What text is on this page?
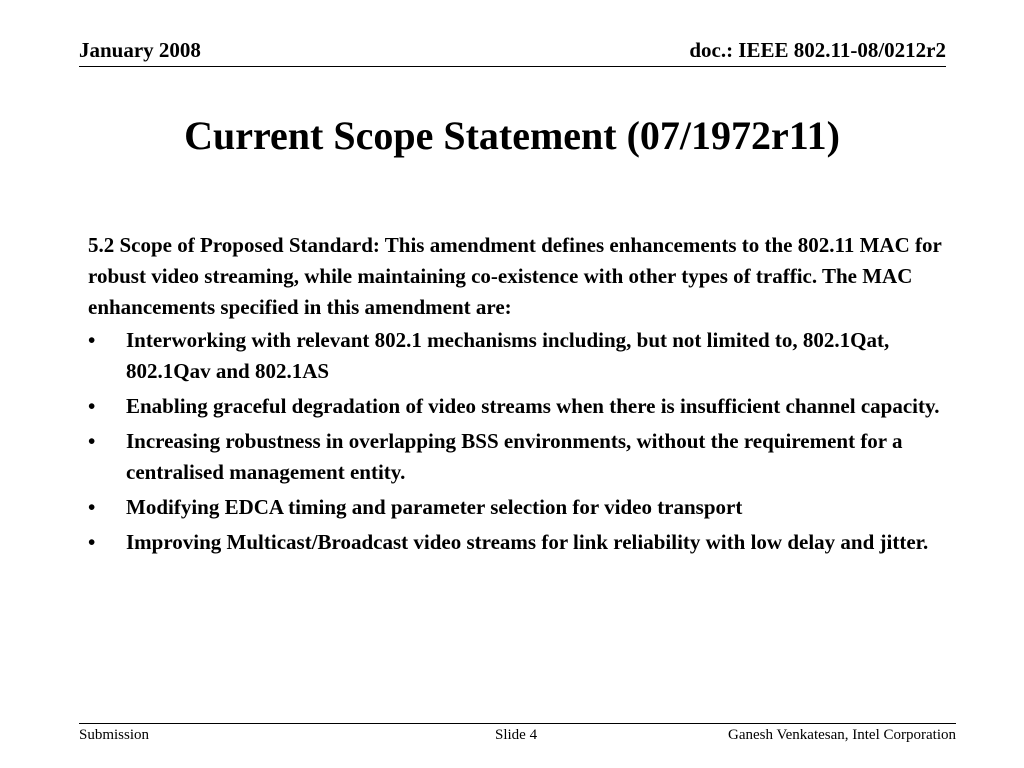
January 2008	doc.: IEEE 802.11-08/0212r2
Current Scope Statement (07/1972r11)
5.2 Scope of Proposed Standard: This amendment defines enhancements to the 802.11 MAC for robust video streaming, while maintaining co-existence with other types of traffic. The MAC enhancements specified in this amendment are:
•	Interworking with relevant 802.1 mechanisms including, but not limited to, 802.1Qat, 802.1Qav and 802.1AS
•	Enabling graceful degradation of video streams when there is insufficient channel capacity.
•	Increasing robustness in overlapping BSS environments, without the requirement for a centralised management entity.
•	Modifying EDCA timing and parameter selection for video transport
•	Improving Multicast/Broadcast video streams for link reliability with low delay and jitter.
Submission	Slide 4	Ganesh Venkatesan, Intel Corporation
